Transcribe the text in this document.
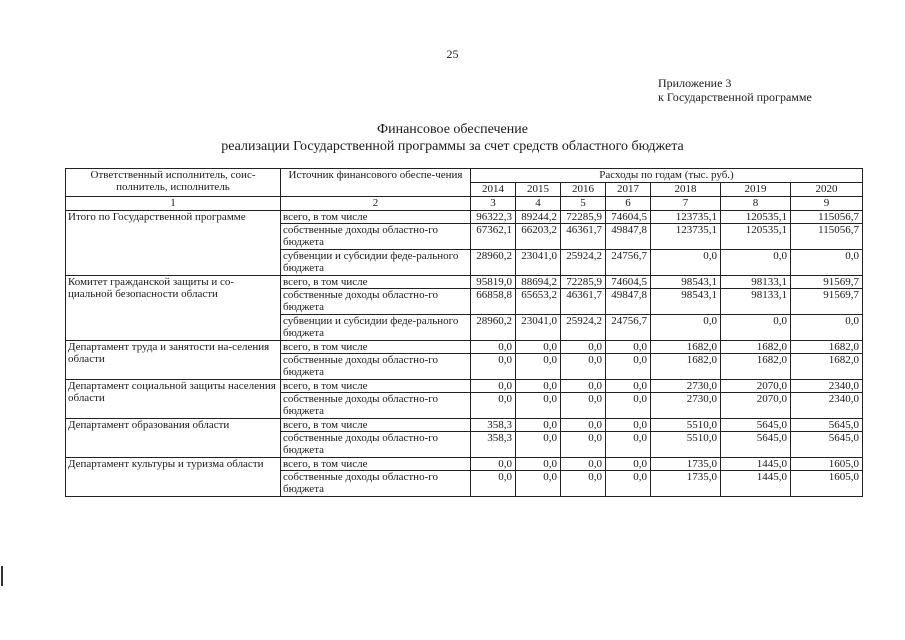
25
Приложение 3
к Государственной программе
Финансовое обеспечение
реализации Государственной программы за счет средств областного бюджета
Ответственный исполнитель, соис-полнитель, исполнитель	Источник финансового обеспе-чения	Расходы по годам (тыс. руб.)						
		2014	2015	2016	2017	2018	2019	2020
1	2	3	4	5	6	7	8	9
Итого по Государственной программе	всего, в том числе	96322,3	89244,2	72285,9	74604,5	123735,1	120535,1	115056,7
	собственные доходы областно-го бюджета	67362,1	66203,2	46361,7	49847,8	123735,1	120535,1	115056,7
	субвенции и субсидии феде-рального бюджета	28960,2	23041,0	25924,2	24756,7	0,0	0,0	0,0
Комитет гражданской защиты и со-циальной безопасности области	всего, в том числе	95819,0	88694,2	72285,9	74604,5	98543,1	98133,1	91569,7
	собственные доходы областно-го бюджета	66858,8	65653,2	46361,7	49847,8	98543,1	98133,1	91569,7
	субвенции и субсидии феде-рального бюджета	28960,2	23041,0	25924,2	24756,7	0,0	0,0	0,0
Департамент труда и занятости на-селения области	всего, в том числе	0,0	0,0	0,0	0,0	1682,0	1682,0	1682,0
	собственные доходы областно-го бюджета	0,0	0,0	0,0	0,0	1682,0	1682,0	1682,0
Департамент социальной защиты населения области	всего, в том числе	0,0	0,0	0,0	0,0	2730,0	2070,0	2340,0
	собственные доходы областно-го бюджета	0,0	0,0	0,0	0,0	2730,0	2070,0	2340,0
Департамент образования области	всего, в том числе	358,3	0,0	0,0	0,0	5510,0	5645,0	5645,0
	собственные доходы областно-го бюджета	358,3	0,0	0,0	0,0	5510,0	5645,0	5645,0
Департамент культуры и туризма области	всего, в том числе	0,0	0,0	0,0	0,0	1735,0	1445,0	1605,0
	собственные доходы областно-го бюджета	0,0	0,0	0,0	0,0	1735,0	1445,0	1605,0
